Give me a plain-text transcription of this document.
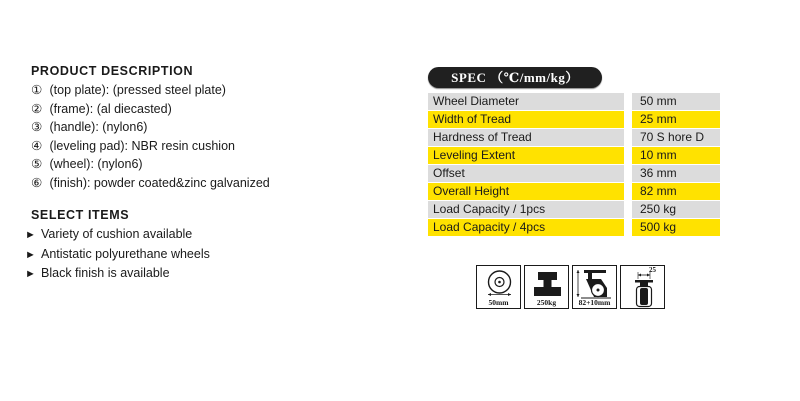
PRODUCT DESCRIPTION
① (top plate): (pressed steel plate)
② (frame): (al diecasted)
③ (handle): (nylon6)
④ (leveling pad): NBR resin cushion
⑤ (wheel): (nylon6)
⑥ (finish): powder coated&zinc galvanized
SELECT ITEMS
► Variety of cushion available
► Antistatic polyurethane wheels
► Black finish is available
SPEC （℃/mm/kg）
Wheel Diameter	50 mm
Width of Tread	25 mm
Hardness of Tread	70 S hore D
Leveling Extent	10 mm
Offset	36 mm
Overall Height	82 mm
Load Capacity / 1pcs	250 kg
Load Capacity / 4pcs	500 kg
50mm	250kg	82+10mm
25
